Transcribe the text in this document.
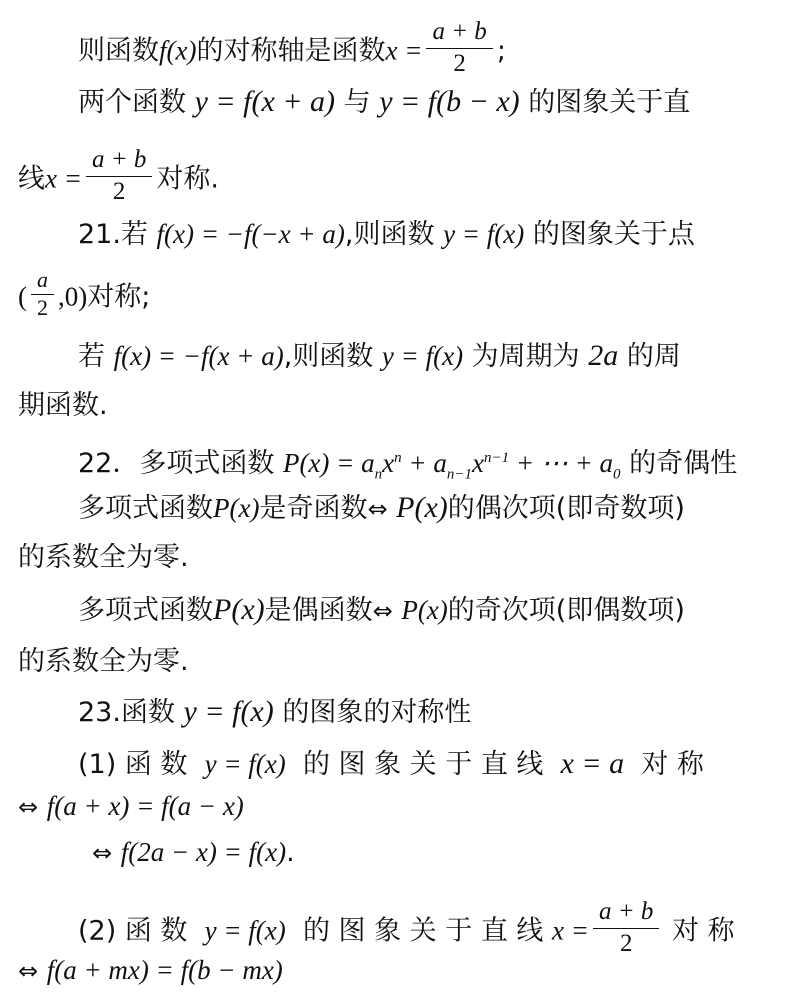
则函数f(x)的对称轴是函数$x = \frac{a + b}{2}$ ;
两个函数 y = f(x + a) 与 y = f(b − x) 的图象关于直
线$x = \frac{a + b}{2}$ 对称.
21.若 f(x) = −f(−x + a),则函数 y = f(x) 的图象关于点
( $\frac{a}{2} ,0$)对称;
若 f(x) = −f(x + a),则函数 y = f(x) 为周期为 2a 的周
期函数.
22．多项式函数 $P(x) = a_nx^n + a_{n-1}x^{n-1}$ + ⋯ + $a_0$ 的奇偶性
多项式函数P(x)是奇函数⇔ P(x)的偶次项(即奇数项)
的系数全为零.
多项式函数P(x)是偶函数⇔ P(x)的奇次项(即偶数项)
的系数全为零.
23.函数 y = f(x) 的图象的对称性
(1) 函 数 y = f(x) 的 图 象 关 于 直 线 x = a 对 称
⇔ f(a + x) = f(a − x)
⇔ f(2a − x) = f(x).
(2) 函 数 y = f(x) 的 图 象 关 于 直 线 $x = \frac{a + b}{2}$ 对 称
⇔ f(a + mx) = f(b − mx)
